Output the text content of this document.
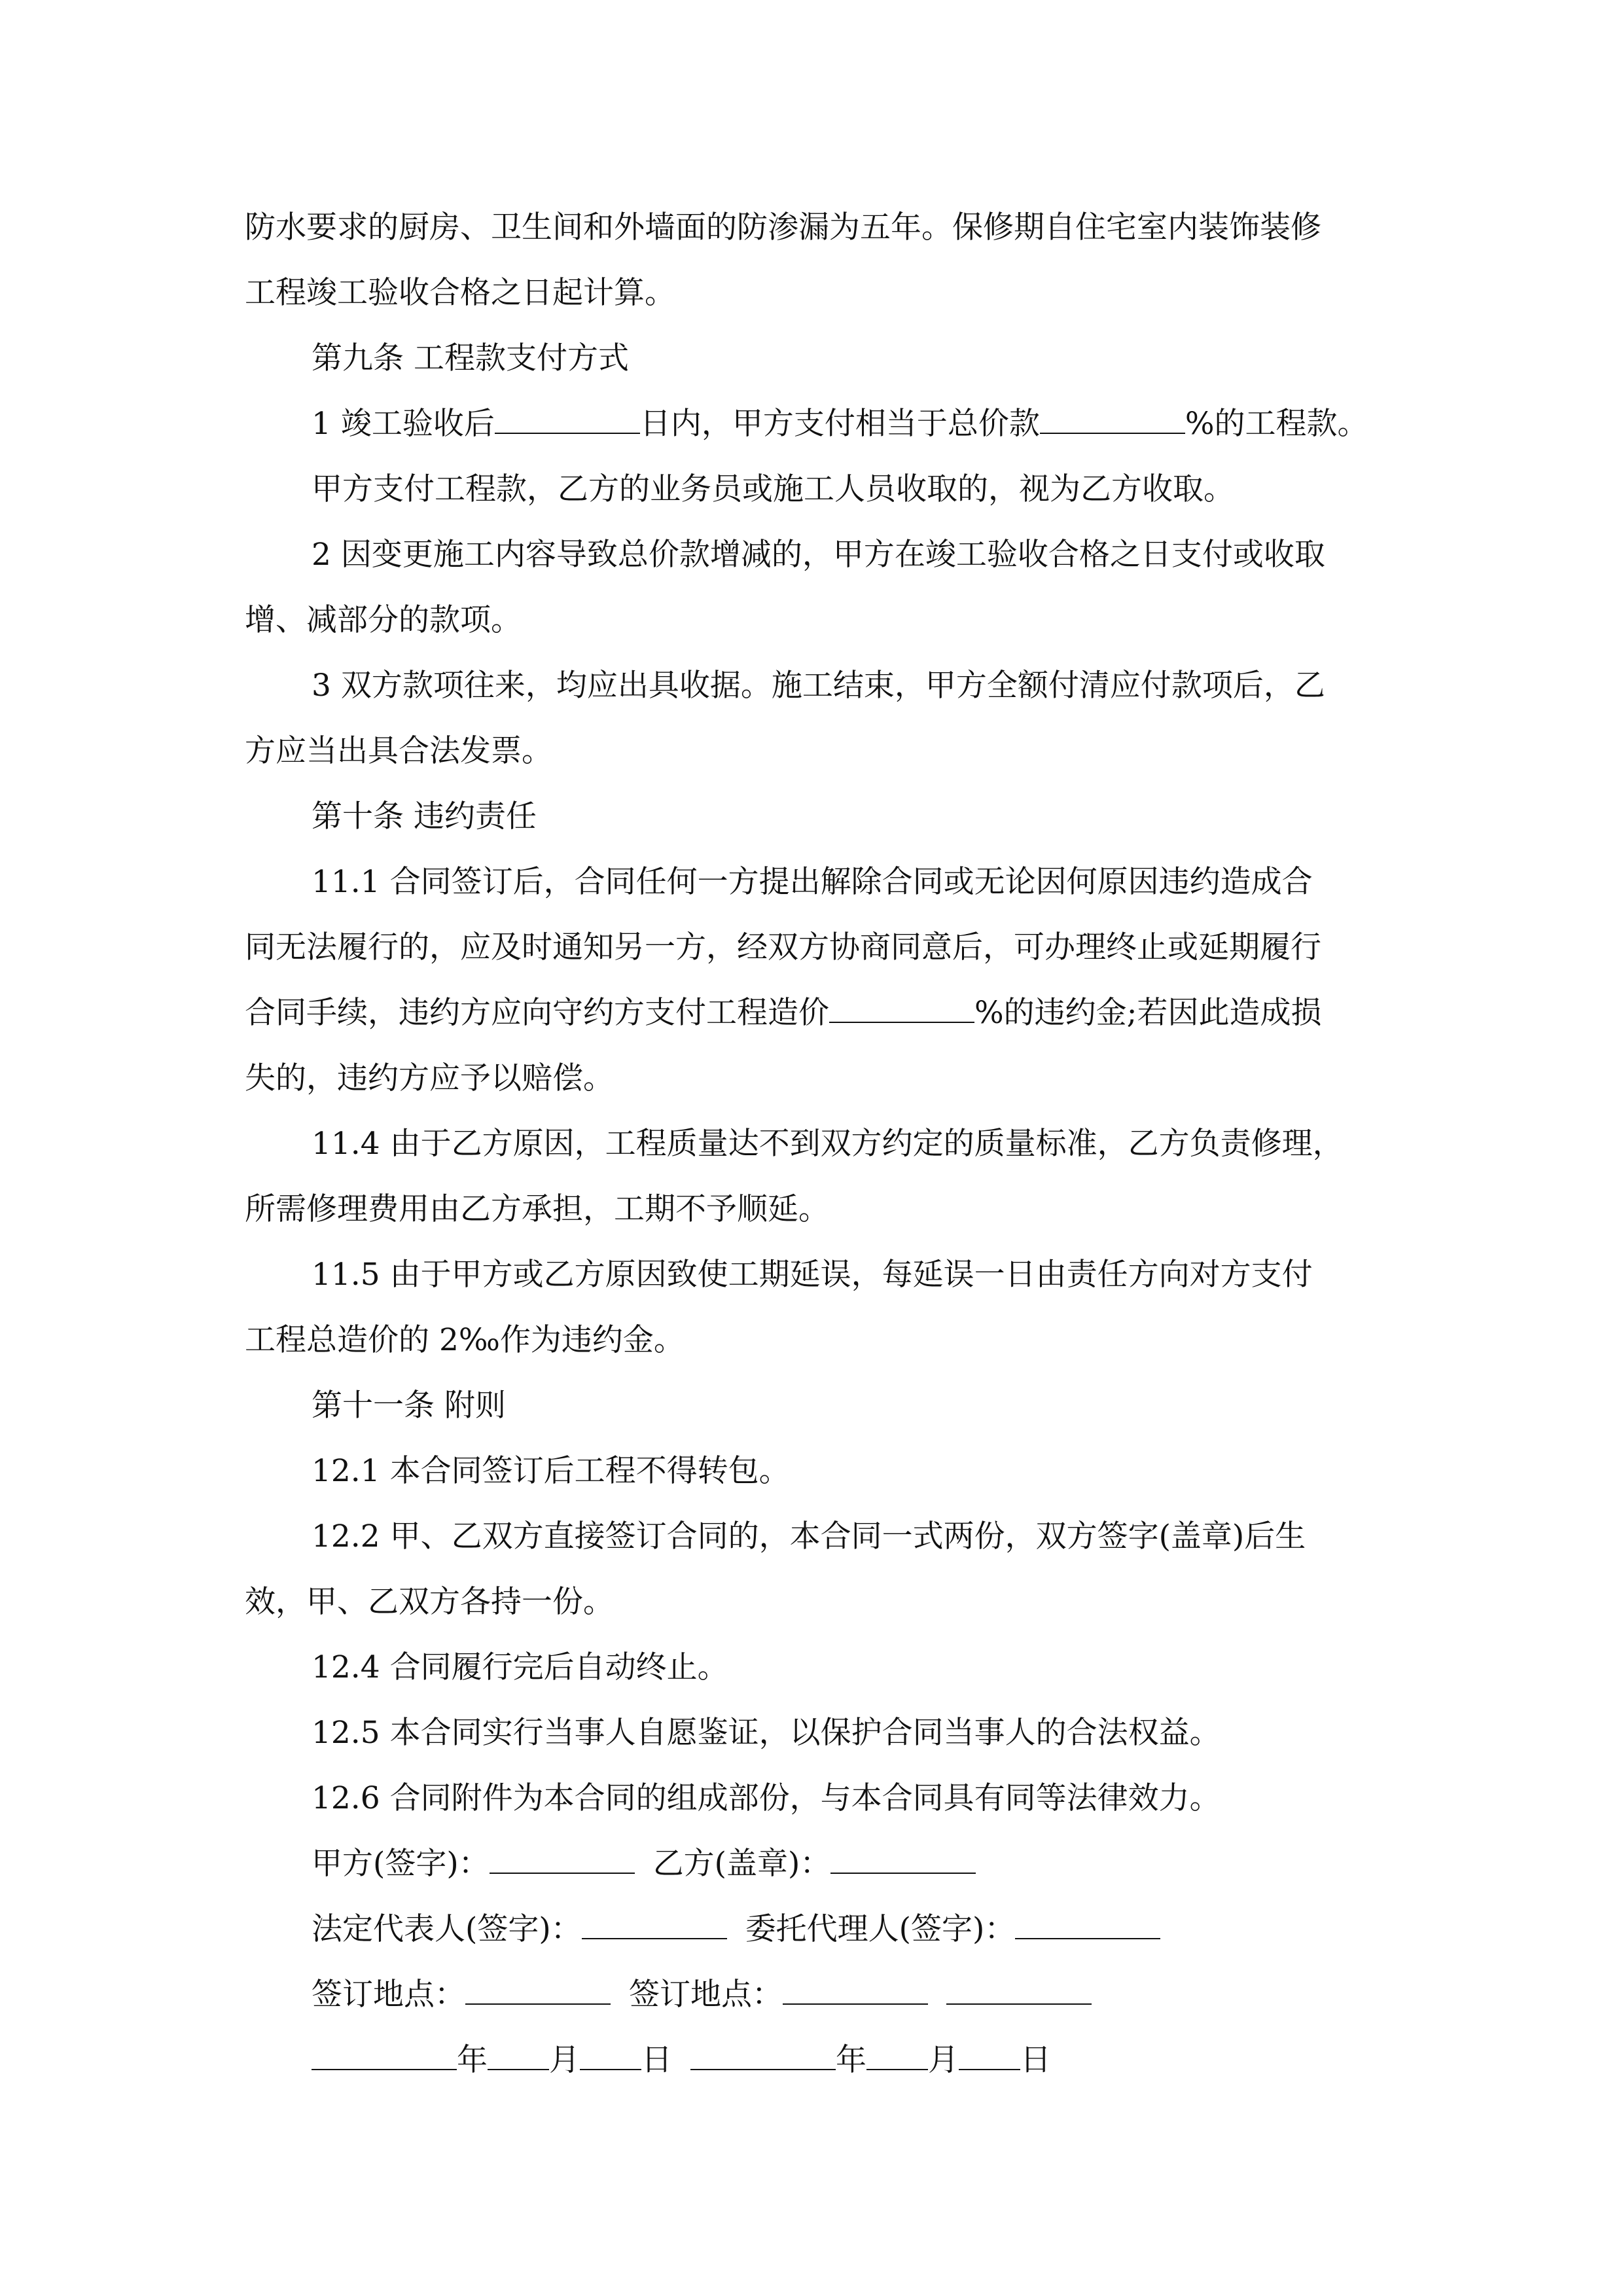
防水要求的厨房、卫生间和外墙面的防渗漏为五年。保修期自住宅室内装饰装修
工程竣工验收合格之日起计算。
第九条 工程款支付方式
1 竣工验收后	日内，甲方支付相当于总价款	%的工程款。
甲方支付工程款，乙方的业务员或施工人员收取的，视为乙方收取。
2 因变更施工内容导致总价款增减的，甲方在竣工验收合格之日支付或收取
增、减部分的款项。
3 双方款项往来，均应出具收据。施工结束，甲方全额付清应付款项后，乙
方应当出具合法发票。
第十条 违约责任
11.1 合同签订后，合同任何一方提出解除合同或无论因何原因违约造成合
同无法履行的，应及时通知另一方，经双方协商同意后，可办理终止或延期履行
合同手续，违约方应向守约方支付工程造价	%的违约金;若因此造成损
失的，违约方应予以赔偿。
11.4 由于乙方原因，工程质量达不到双方约定的质量标准，乙方负责修理，
所需修理费用由乙方承担，工期不予顺延。
11.5 由于甲方或乙方原因致使工期延误，每延误一日由责任方向对方支付
工程总造价的 2‰作为违约金。
第十一条 附则
12.1 本合同签订后工程不得转包。
12.2 甲、乙双方直接签订合同的，本合同一式两份，双方签字(盖章)后生
效，甲、乙双方各持一份。
12.4 合同履行完后自动终止。
12.5 本合同实行当事人自愿鉴证，以保护合同当事人的合法权益。
12.6 合同附件为本合同的组成部份，与本合同具有同等法律效力。
甲方(签字)：	乙方(盖章)：
法定代表人(签字)：	委托代理人(签字)：
签订地点：	签订地点：
年 月 日	年 月 日
